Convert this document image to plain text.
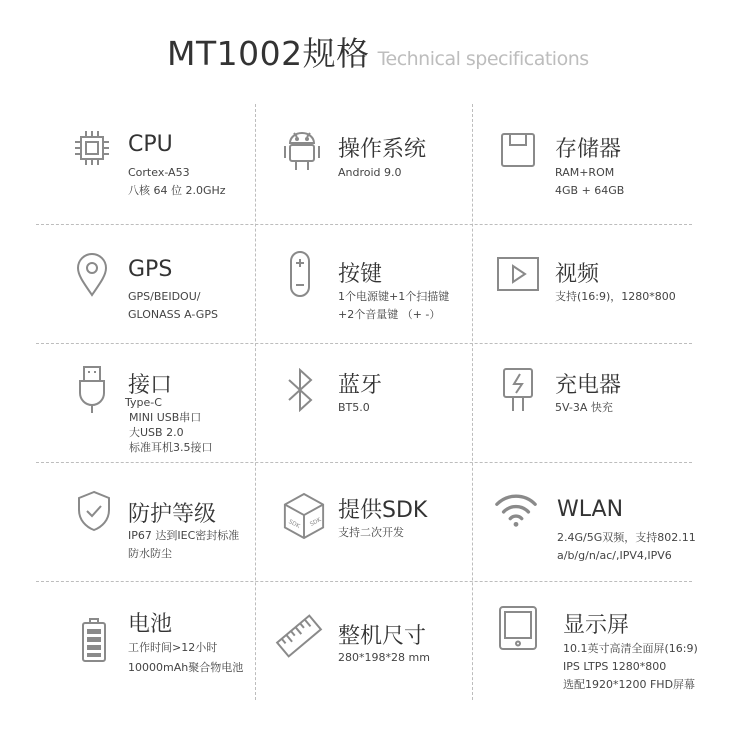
MT1002规格 Technical specifications
CPU
Cortex-A53
八核 64 位 2.0GHz
操作系统
Android 9.0
存储器
RAM+ROM
4GB + 64GB
GPS
GPS/BEIDOU/
GLONASS A-GPS
按键
1个电源键+1个扫描键
+2个音量键 （+ -）
视频
支持(16:9)，1280*800
接口
Type-C
MINI USB串口
大USB 2.0
标准耳机3.5接口
蓝牙
BT5.0
充电器
5V-3A 快充
防护等级
IP67 达到IEC密封标准
防水防尘
SDK SDK 提供SDK
支持二次开发
WLAN
2.4G/5G双频，支持802.11
a/b/g/n/ac/,IPV4,IPV6
电池
工作时间>12小时
10000mAh聚合物电池
整机尺寸
280*198*28 mm
显示屏
10.1英寸高清全面屏(16:9)
IPS LTPS 1280*800
选配1920*1200 FHD屏幕
